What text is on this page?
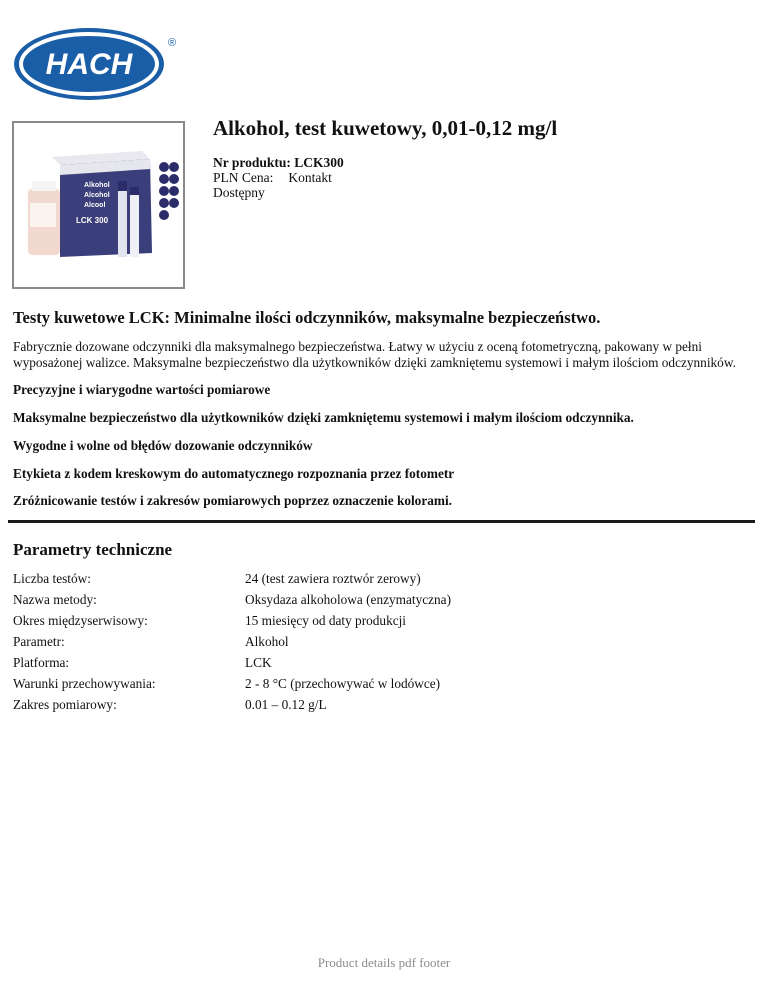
HACH
®
Alkohol
Alcohol
Alcool
LCK 300
Alkohol, test kuwetowy, 0,01-0,12 mg/l
Nr produktu: LCK300
PLN Cena: Kontakt
Dostępny
Testy kuwetowe LCK: Minimalne ilości odczynników, maksymalne bezpieczeństwo.

Fabrycznie dozowane odczynniki dla maksymalnego bezpieczeństwa. Łatwy w użyciu z oceną fotometryczną, pakowany w pełni wyposażonej walizce. Maksymalne bezpieczeństwo dla użytkowników dzięki zamkniętemu systemowi i małym ilościom odczynników.

Precyzyjne i wiarygodne wartości pomiarowe

Maksymalne bezpieczeństwo dla użytkowników dzięki zamkniętemu systemowi i małym ilościom odczynnika.

Wygodne i wolne od błędów dozowanie odczynników

Etykieta z kodem kreskowym do automatycznego rozpoznania przez fotometr

Zróżnicowanie testów i zakresów pomiarowych poprzez oznaczenie kolorami.

Parametry techniczne
Liczba testów:	24 (test zawiera roztwór zerowy)
Nazwa metody:	Oksydaza alkoholowa (enzymatyczna)
Okres międzyserwisowy:	15 miesięcy od daty produkcji
Parametr:	Alkohol
Platforma:	LCK
Warunki przechowywania:	2 - 8 °C (przechowywać w lodówce)
Zakres pomiarowy:	0.01 – 0.12 g/L
Product details pdf footer
